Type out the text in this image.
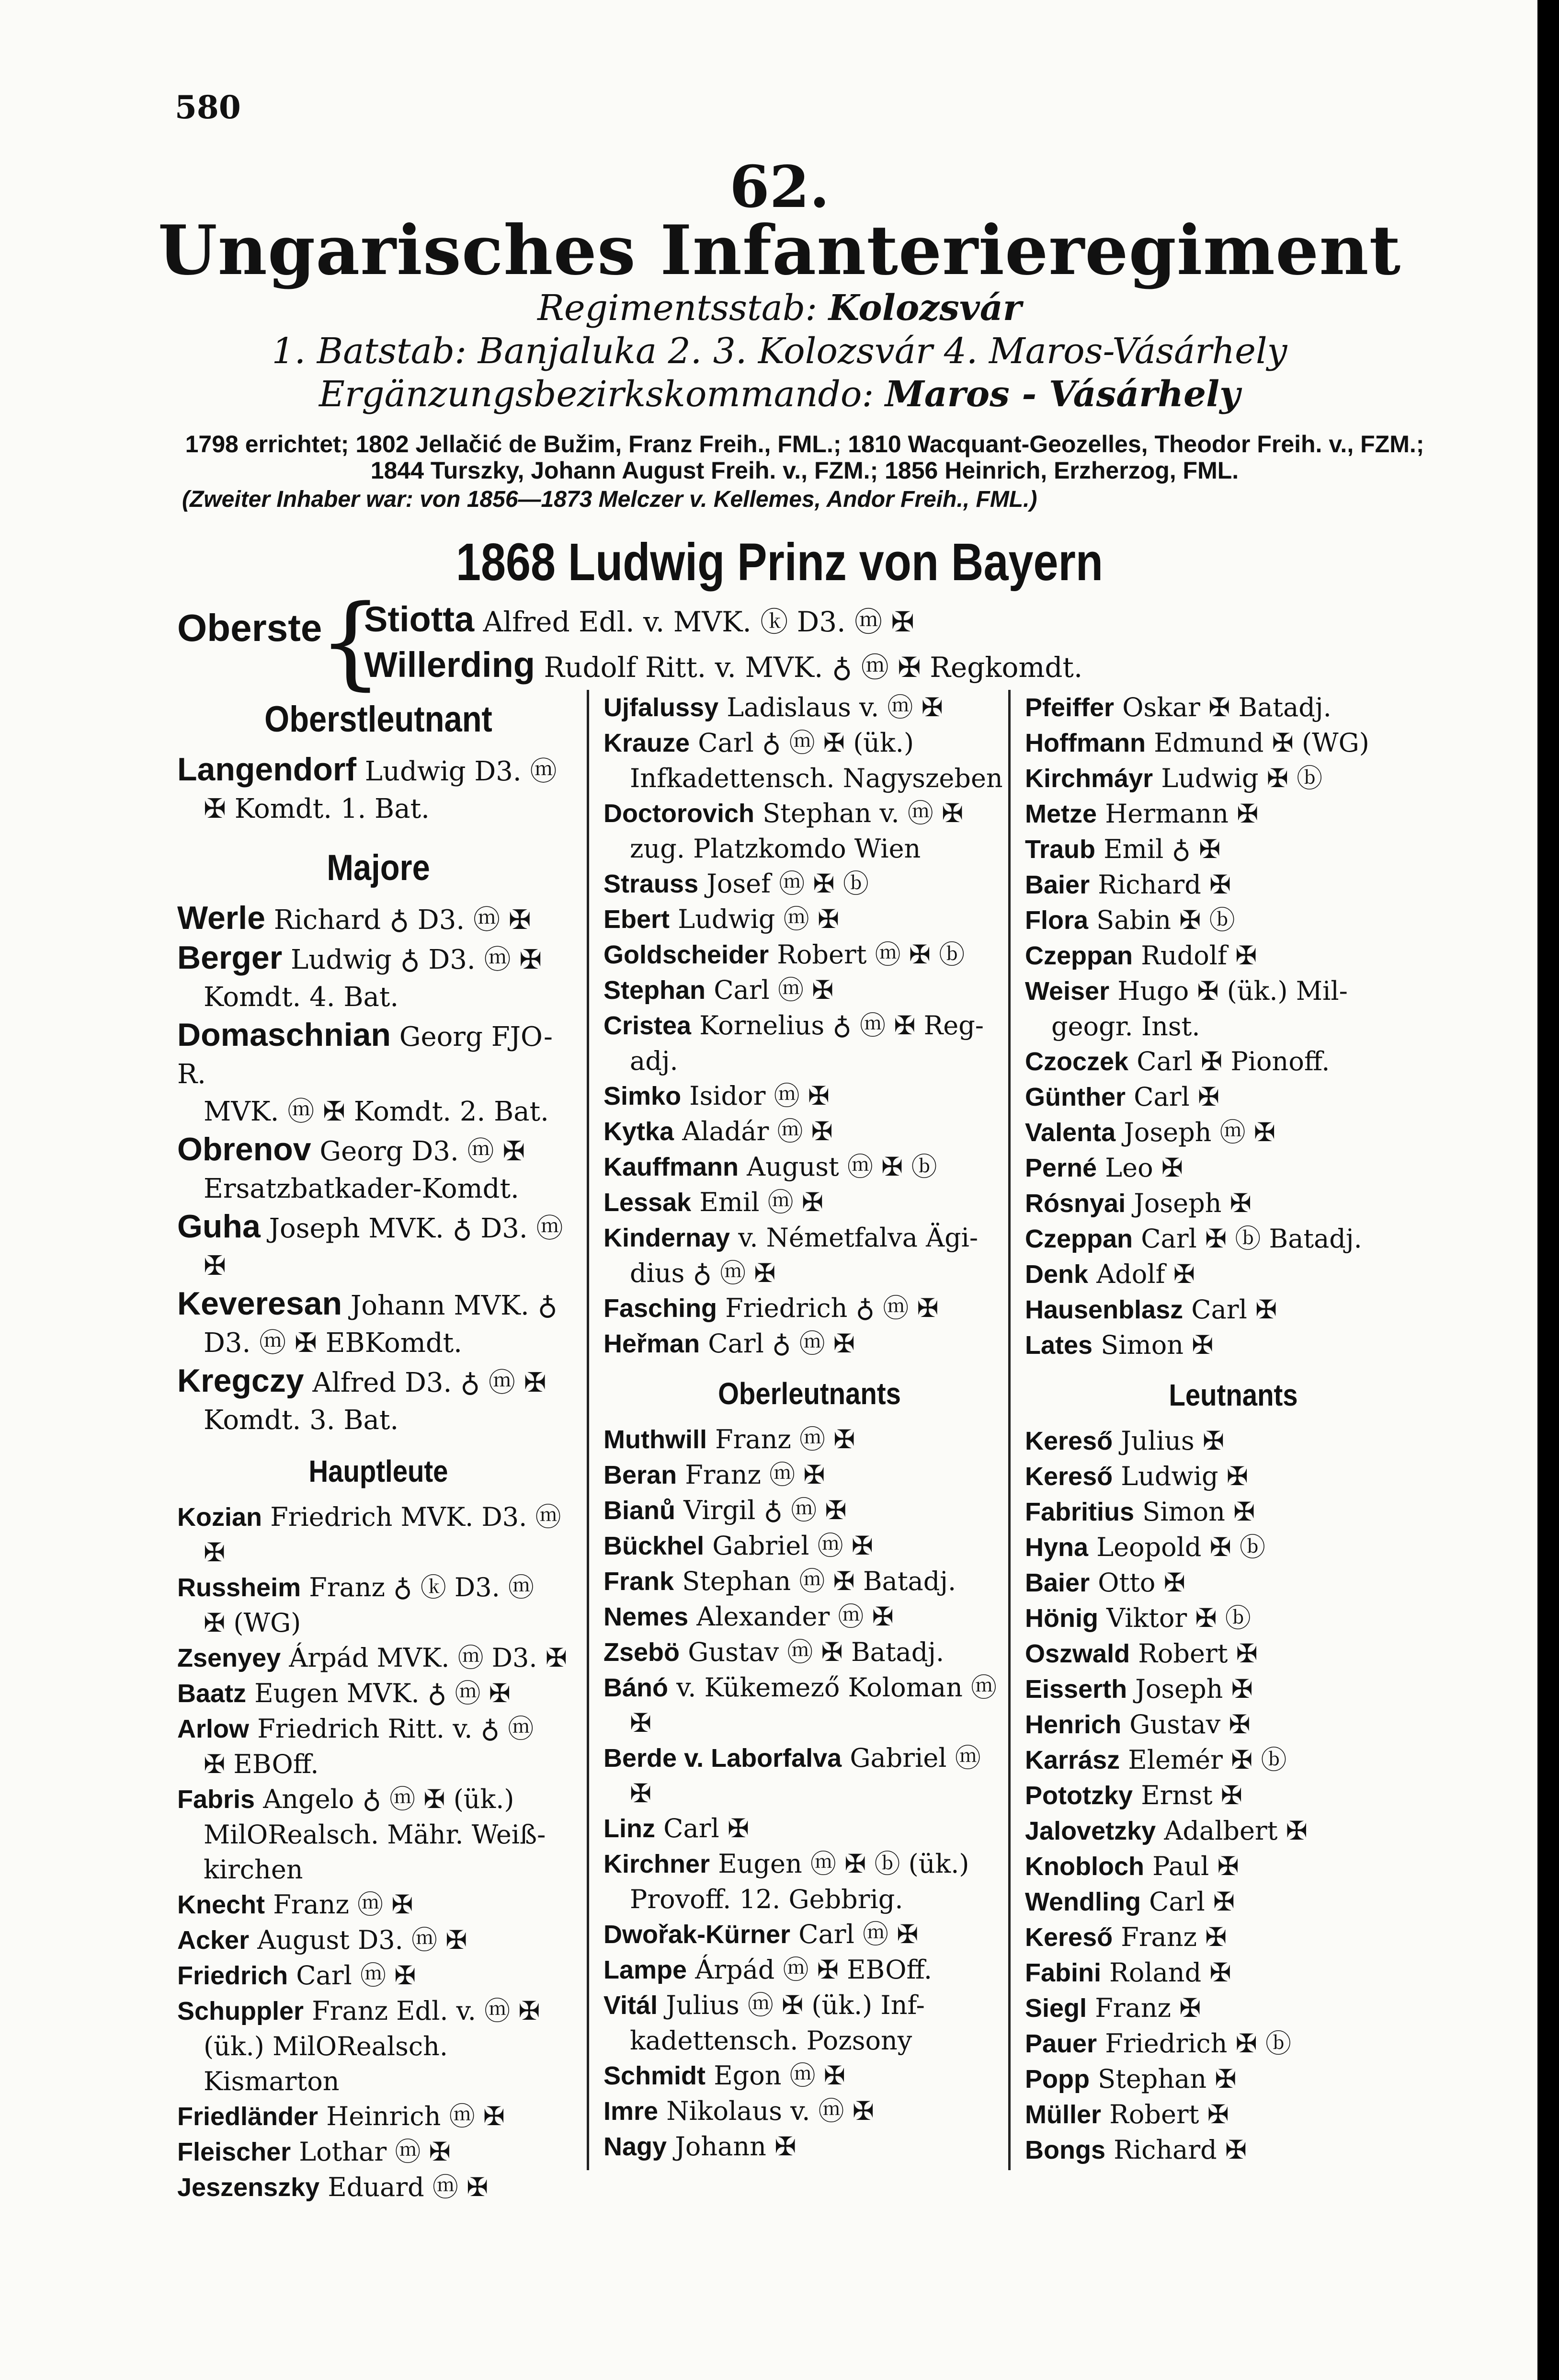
580
62.
Ungarisches Infanterieregiment
Regimentsstab: Kolozsvár
1. Batstab: Banjaluka 2. 3. Kolozsvár 4. Maros-Vásárhely
Ergänzungsbezirkskommando: Maros - Vásárhely
1798 errichtet; 1802 Jellačić de Bužim, Franz Freih., FML.; 1810 Wacquant-Geozelles, Theodor Freih. v., FZM.; 1844 Turszky, Johann August Freih. v., FZM.; 1856 Heinrich, Erzherzog, FML.
(Zweiter Inhaber war: von 1856—1873 Melczer v. Kellemes, Andor Freih., FML.)
1868 Ludwig Prinz von Bayern
Oberste
{
Stiotta Alfred Edl. v. MVK. ⓚ D3. ⓜ ✠
Willerding Rudolf Ritt. v. MVK. ♁ ⓜ ✠ Regkomdt.
Oberstleutnant
Langendorf Ludwig D3. ⓜ
✠ Komdt. 1. Bat.
Majore
Werle Richard ♁ D3. ⓜ ✠
Berger Ludwig ♁ D3. ⓜ ✠
Komdt. 4. Bat.
Domaschnian Georg FJO-R.
MVK. ⓜ ✠ Komdt. 2. Bat.
Obrenov Georg D3. ⓜ ✠
Ersatzbatkader-Komdt.
Guha Joseph MVK. ♁ D3. ⓜ
✠
Keveresan Johann MVK. ♁
D3. ⓜ ✠ EBKomdt.
Kregczy Alfred D3. ♁ ⓜ ✠
Komdt. 3. Bat.
Hauptleute
Kozian Friedrich MVK. D3. ⓜ
✠
Russheim Franz ♁ ⓚ D3. ⓜ
✠ (WG)
Zsenyey Árpád MVK. ⓜ D3. ✠
Baatz Eugen MVK. ♁ ⓜ ✠
Arlow Friedrich Ritt. v. ♁ ⓜ
✠ EBOff.
Fabris Angelo ♁ ⓜ ✠ (ük.)
MilORealsch. Mähr. Weiß-kirchen
Knecht Franz ⓜ ✠
Acker August D3. ⓜ ✠
Friedrich Carl ⓜ ✠
Schuppler Franz Edl. v. ⓜ ✠
(ük.) MilORealsch. Kismarton
Friedländer Heinrich ⓜ ✠
Fleischer Lothar ⓜ ✠
Jeszenszky Eduard ⓜ ✠
Ujfalussy Ladislaus v. ⓜ ✠
Krauze Carl ♁ ⓜ ✠ (ük.)
Infkadettensch. Nagyszeben
Doctorovich Stephan v. ⓜ ✠
zug. Platzkomdo Wien
Strauss Josef ⓜ ✠ ⓑ
Ebert Ludwig ⓜ ✠
Goldscheider Robert ⓜ ✠ ⓑ
Stephan Carl ⓜ ✠
Cristea Kornelius ♁ ⓜ ✠ Reg-
adj.
Simko Isidor ⓜ ✠
Kytka Aladár ⓜ ✠
Kauffmann August ⓜ ✠ ⓑ
Lessak Emil ⓜ ✠
Kindernay v. Németfalva Ägi-
dius ♁ ⓜ ✠
Fasching Friedrich ♁ ⓜ ✠
Heřman Carl ♁ ⓜ ✠
Oberleutnants
Muthwill Franz ⓜ ✠
Beran Franz ⓜ ✠
Bianů Virgil ♁ ⓜ ✠
Bückhel Gabriel ⓜ ✠
Frank Stephan ⓜ ✠ Batadj.
Nemes Alexander ⓜ ✠
Zsebö Gustav ⓜ ✠ Batadj.
Bánó v. Kükemező Koloman ⓜ
✠
Berde v. Laborfalva Gabriel ⓜ
✠
Linz Carl ✠
Kirchner Eugen ⓜ ✠ ⓑ (ük.)
Provoff. 12. Gebbrig.
Dwořak-Kürner Carl ⓜ ✠
Lampe Árpád ⓜ ✠ EBOff.
Vitál Julius ⓜ ✠ (ük.) Inf-
kadettensch. Pozsony
Schmidt Egon ⓜ ✠
Imre Nikolaus v. ⓜ ✠
Nagy Johann ✠
Pfeiffer Oskar ✠ Batadj.
Hoffmann Edmund ✠ (WG)
Kirchmáyr Ludwig ✠ ⓑ
Metze Hermann ✠
Traub Emil ♁ ✠
Baier Richard ✠
Flora Sabin ✠ ⓑ
Czeppan Rudolf ✠
Weiser Hugo ✠ (ük.) Mil-
geogr. Inst.
Czoczek Carl ✠ Pionoff.
Günther Carl ✠
Valenta Joseph ⓜ ✠
Perné Leo ✠
Rósnyai Joseph ✠
Czeppan Carl ✠ ⓑ Batadj.
Denk Adolf ✠
Hausenblasz Carl ✠
Lates Simon ✠
Leutnants
Kereső Julius ✠
Kereső Ludwig ✠
Fabritius Simon ✠
Hyna Leopold ✠ ⓑ
Baier Otto ✠
Hönig Viktor ✠ ⓑ
Oszwald Robert ✠
Eisserth Joseph ✠
Henrich Gustav ✠
Karrász Elemér ✠ ⓑ
Pototzky Ernst ✠
Jalovetzky Adalbert ✠
Knobloch Paul ✠
Wendling Carl ✠
Kereső Franz ✠
Fabini Roland ✠
Siegl Franz ✠
Pauer Friedrich ✠ ⓑ
Popp Stephan ✠
Müller Robert ✠
Bongs Richard ✠
